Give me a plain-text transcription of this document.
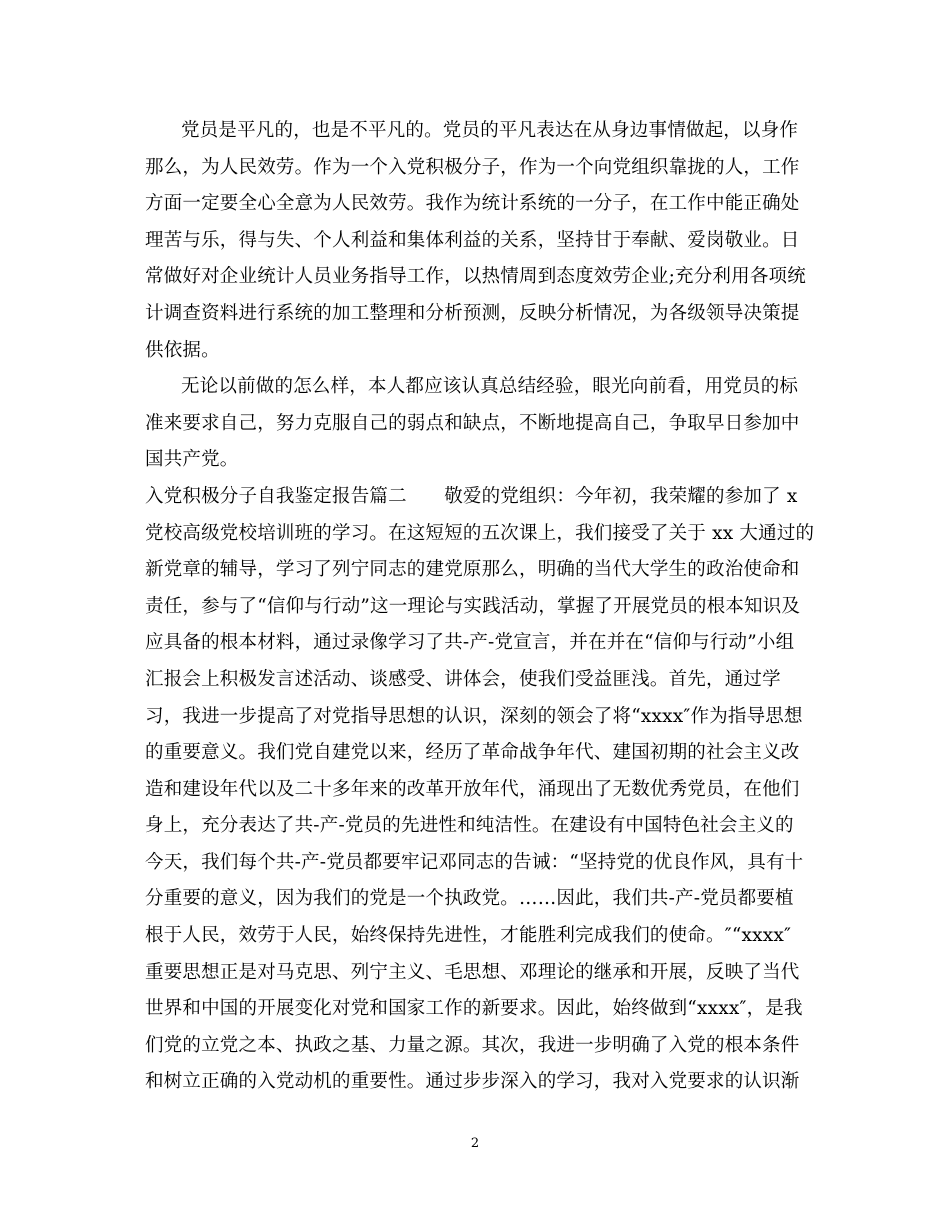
党员是平凡的，也是不平凡的。党员的平凡表达在从身边事情做起，以身作
那么，为人民效劳。作为一个入党积极分子，作为一个向党组织靠拢的人，工作
方面一定要全心全意为人民效劳。我作为统计系统的一分子，在工作中能正确处
理苦与乐，得与失、个人利益和集体利益的关系，坚持甘于奉献、爱岗敬业。日
常做好对企业统计人员业务指导工作，以热情周到态度效劳企业;充分利用各项统
计调查资料进行系统的加工整理和分析预测，反映分析情况，为各级领导决策提
供依据。
无论以前做的怎么样，本人都应该认真总结经验，眼光向前看，用党员的标
准来要求自己，努力克服自己的弱点和缺点，不断地提高自己，争取早日参加中
国共产党。
入党积极分子自我鉴定报告篇二　　敬爱的党组织：今年初，我荣耀的参加了 x
党校高级党校培训班的学习。在这短短的五次课上，我们接受了关于 xx 大通过的
新党章的辅导，学习了列宁同志的建党原那么，明确的当代大学生的政治使命和
责任，参与了“信仰与行动”这一理论与实践活动，掌握了开展党员的根本知识及
应具备的根本材料，通过录像学习了共-产-党宣言，并在并在“信仰与行动”小组
汇报会上积极发言述活动、谈感受、讲体会，使我们受益匪浅。首先，通过学
习，我进一步提高了对党指导思想的认识，深刻的领会了将“xxxx″作为指导思想
的重要意义。我们党自建党以来，经历了革命战争年代、建国初期的社会主义改
造和建设年代以及二十多年来的改革开放年代，涌现出了无数优秀党员，在他们
身上，充分表达了共-产-党员的先进性和纯洁性。在建设有中国特色社会主义的
今天，我们每个共-产-党员都要牢记邓同志的告诫：“坚持党的优良作风，具有十
分重要的意义，因为我们的党是一个执政党。……因此，我们共-产-党员都要植
根于人民，效劳于人民，始终保持先进性，才能胜利完成我们的使命。″“xxxx″
重要思想正是对马克思、列宁主义、毛思想、邓理论的继承和开展，反映了当代
世界和中国的开展变化对党和国家工作的新要求。因此，始终做到“xxxx″，是我
们党的立党之本、执政之基、力量之源。其次，我进一步明确了入党的根本条件
和树立正确的入党动机的重要性。通过步步深入的学习，我对入党要求的认识渐
2
